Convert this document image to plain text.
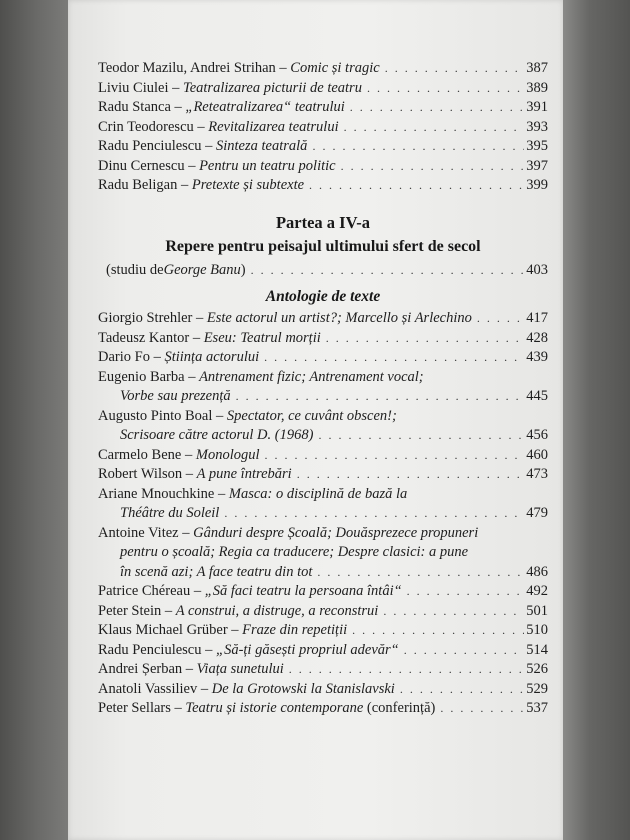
Teodor Mazilu, Andrei Strihan – Comic și tragic . . .	387
Liviu Ciulei – Teatralizarea picturii de teatru . . .	389
Radu Stanca – „Reteatralizarea“ teatrului . . .	391
Crin Teodorescu – Revitalizarea teatrului . . .	393
Radu Penciulescu – Sinteza teatrală . . .	395
Dinu Cernescu – Pentru un teatru politic . . .	397
Radu Beligan – Pretexte și subtexte . . .	399
Partea a IV-a
Repere pentru peisajul ultimului sfert de secol
(studiu de George Banu ) . . .	403
Antologie de texte
Giorgio Strehler – Este actorul un artist?; Marcello și Arlechino . . .	417
Tadeusz Kantor – Eseu: Teatrul morții . . .	428
Dario Fo – Știința actorului . . .	439
Eugenio Barba – Antrenament fizic; Antrenament vocal;
Vorbe sau prezență . . .	445
Augusto Pinto Boal – Spectator, ce cuvânt obscen!;
Scrisoare către actorul D. (1968) . . .	456
Carmelo Bene – Monologul . . .	460
Robert Wilson – A pune întrebări . . .	473
Ariane Mnouchkine – Masca: o disciplină de bază la
Théâtre du Soleil . . .	479
Antoine Vitez – Gânduri despre Școală; Douăsprezece propuneri
pentru o școală; Regia ca traducere; Despre clasici: a pune
în scenă azi; A face teatru din tot . . .	486
Patrice Chéreau – „Să faci teatru la persoana întâi“ . . .	492
Peter Stein – A construi, a distruge, a reconstrui . . .	501
Klaus Michael Grüber – Fraze din repetiții . . .	510
Radu Penciulescu – „Să-ți găsești propriul adevăr“ . . .	514
Andrei Șerban – Viața sunetului . . .	526
Anatoli Vassiliev – De la Grotowski la Stanislavski . . .	529
Peter Sellars – Teatru și istorie contemporane (conferință) . . .	537
